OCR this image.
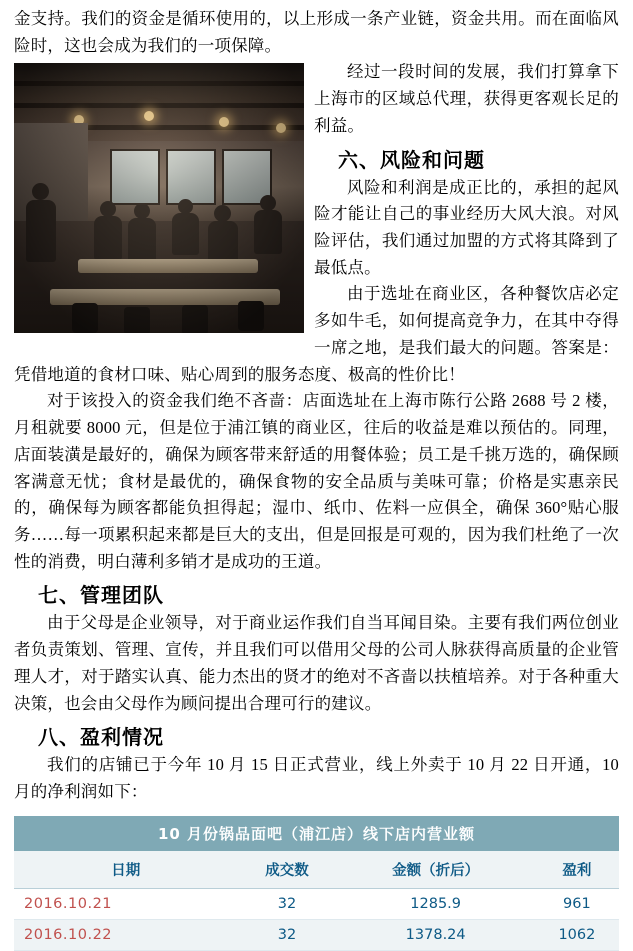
金支持。我们的资金是循环使用的，以上形成一条产业链，资金共用。而在面临风险时，这也会成为我们的一项保障。

经过一段时间的发展，我们打算拿下上海市的区域总代理，获得更客观长足的利益。

六、风险和问题

风险和利润是成正比的，承担的起风险才能让自己的事业经历大风大浪。对风险评估，我们通过加盟的方式将其降到了最低点。

由于选址在商业区，各种餐饮店必定多如牛毛，如何提高竞争力，在其中夺得一席之地，是我们最大的问题。答案是：凭借地道的食材口味、贴心周到的服务态度、极高的性价比！

对于该投入的资金我们绝不吝啬：店面选址在上海市陈行公路 2688 号 2 楼，月租就要 8000 元，但是位于浦江镇的商业区，往后的收益是难以预估的。同理，店面装潢是最好的，确保为顾客带来舒适的用餐体验；员工是千挑万选的，确保顾客满意无忧；食材是最优的，确保食物的安全品质与美味可靠；价格是实惠亲民的，确保每为顾客都能负担得起；湿巾、纸巾、佐料一应俱全，确保 360°贴心服务……每一项累积起来都是巨大的支出，但是回报是可观的，因为我们杜绝了一次性的消费，明白薄利多销才是成功的王道。

七、管理团队

由于父母是企业领导，对于商业运作我们自当耳闻目染。主要有我们两位创业者负责策划、管理、宣传，并且我们可以借用父母的公司人脉获得高质量的企业管理人才，对于踏实认真、能力杰出的贤才的绝对不吝啬以扶植培养。对于各种重大决策，也会由父母作为顾问提出合理可行的建议。

八、盈利情况

我们的店铺已于今年 10 月 15 日正式营业，线上外卖于 10 月 22 日开通，10 月的净利润如下：

10 月份锅品面吧（浦江店）线下店内营业额			
日期	成交数	金额（折后）	盈利
2016.10.21	32	1285.9	961
2016.10.22	32	1378.24	1062
